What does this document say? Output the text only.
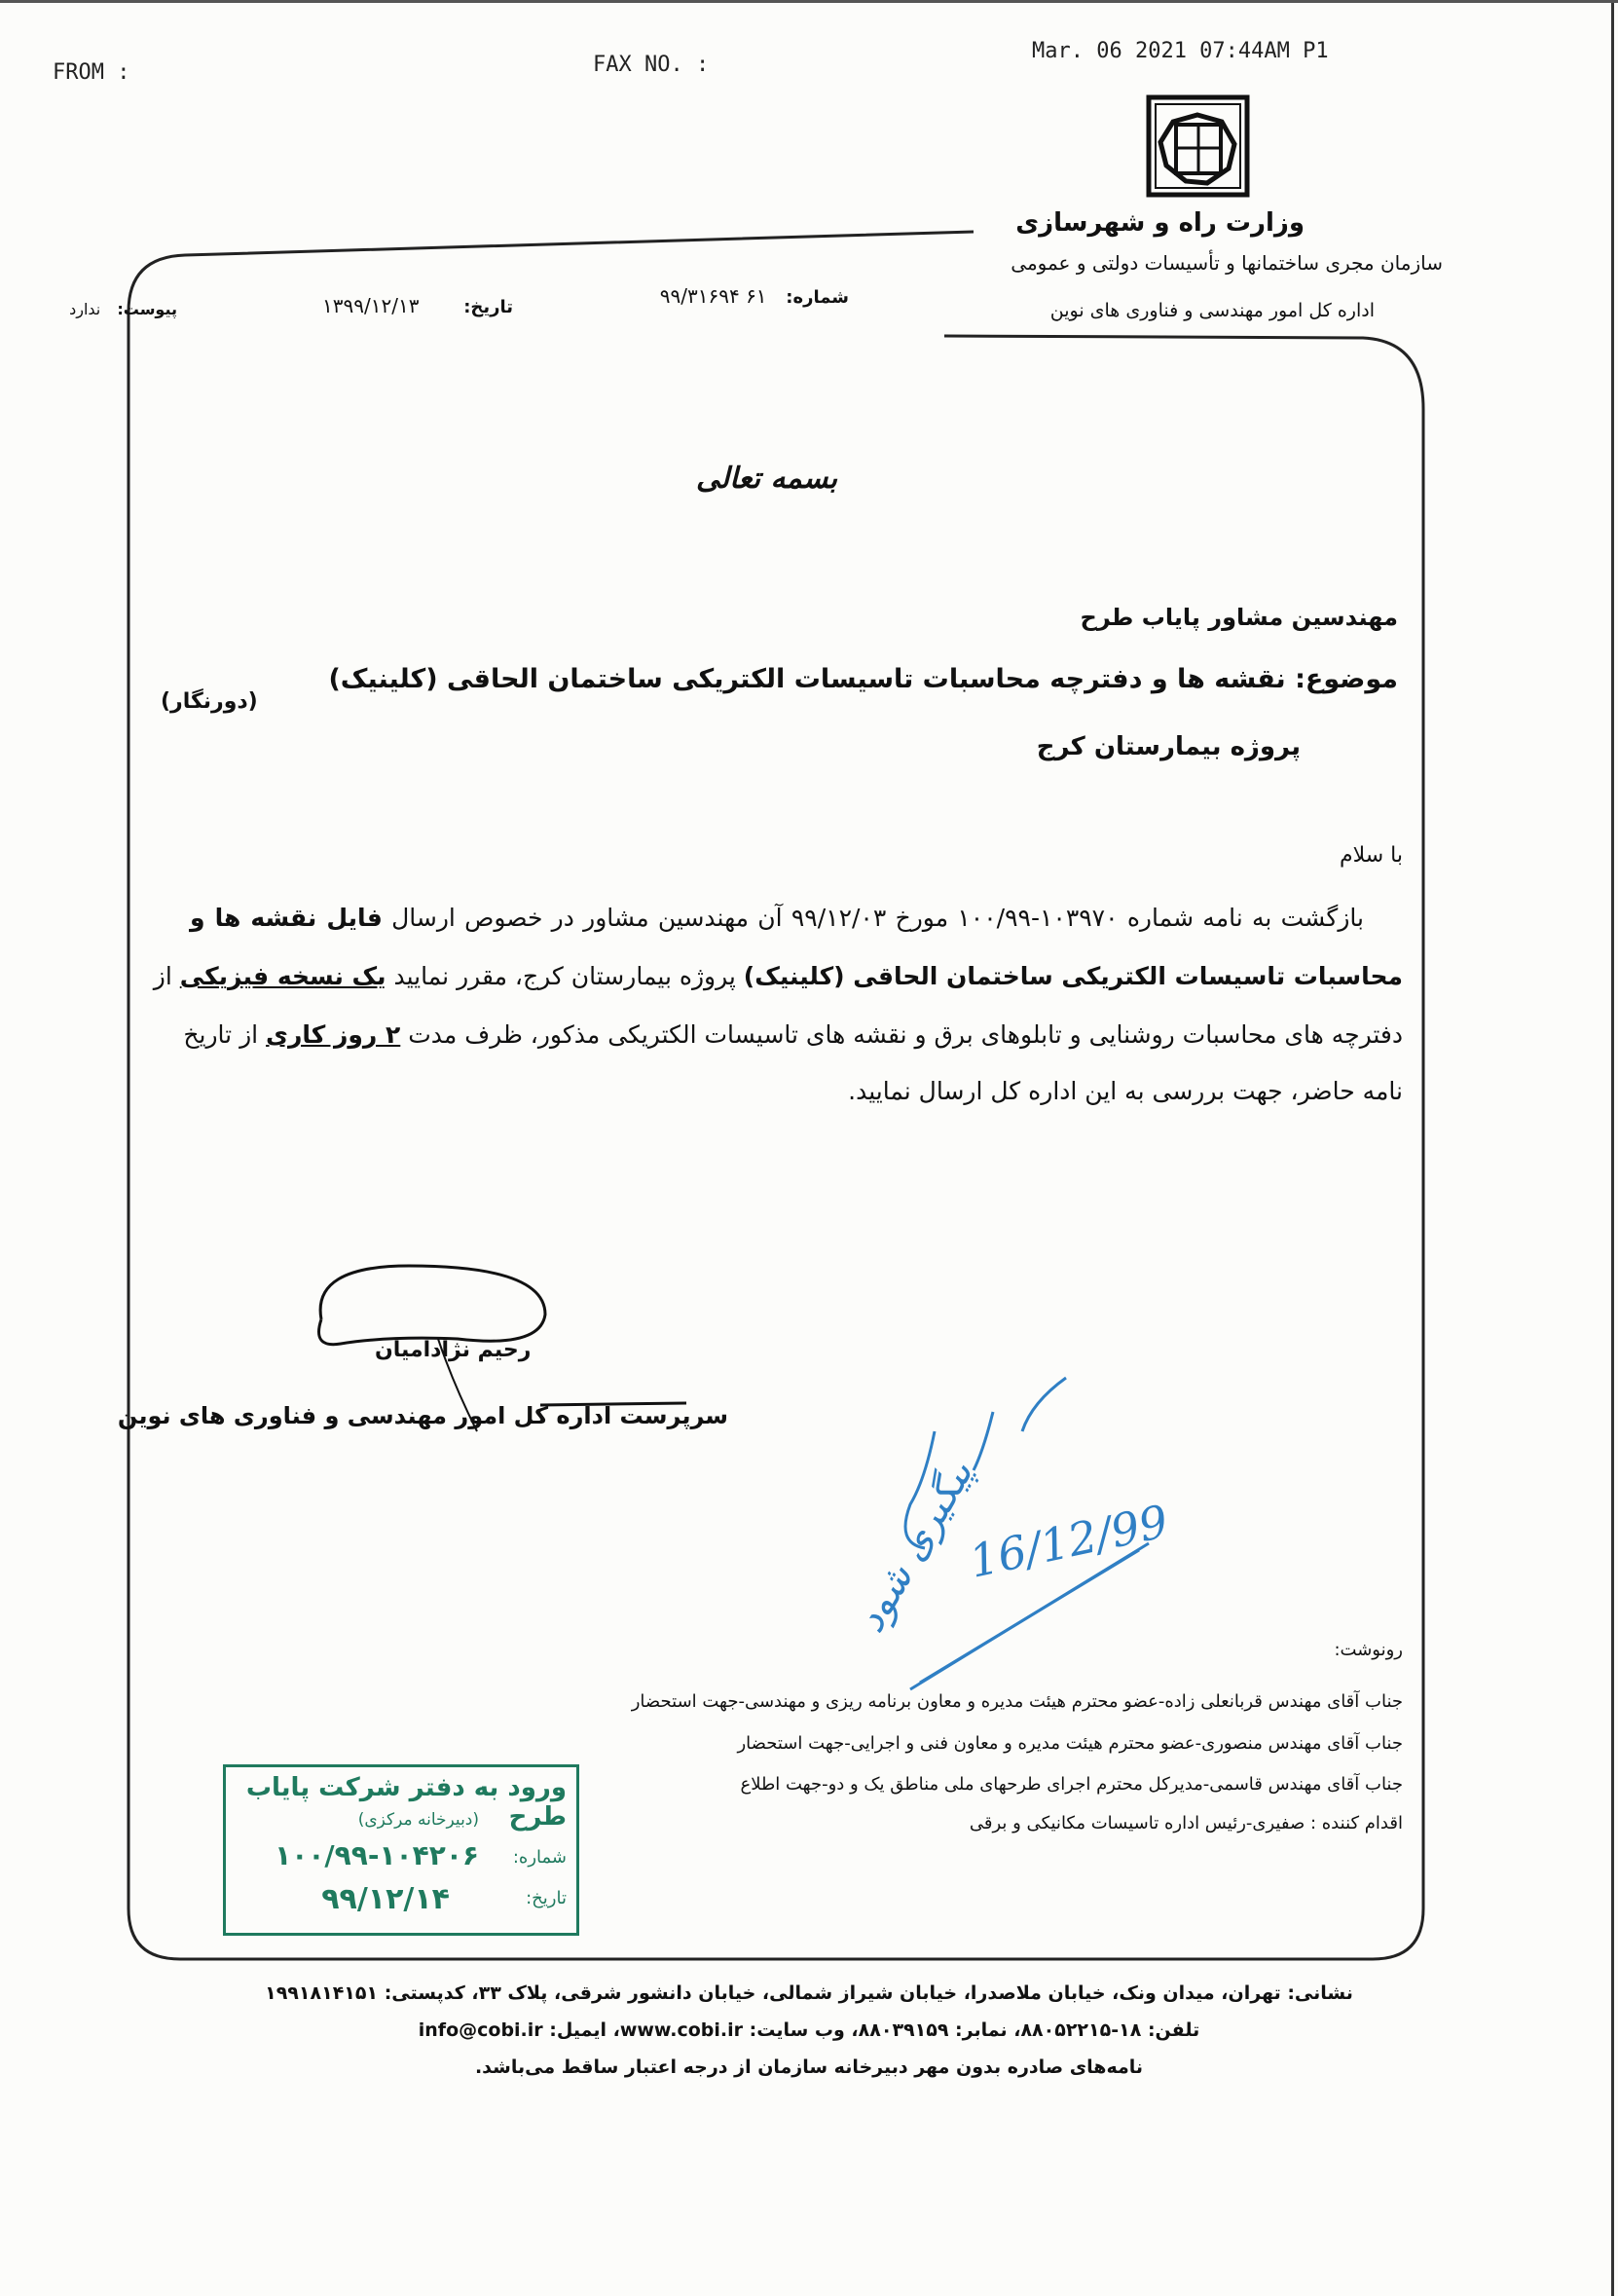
FROM :	FAX NO. :
Mar. 06 2021 07:44AM P1
16/12/99
پیگیری شود
وزارت راه و شهرسازی
سازمان مجری ساختمانها و تأسیسات دولتی و عمومی
اداره کل امور مهندسی و فناوری های نوین
شماره: ۶۱ ۹۹/۳۱۶۹۴
تاریخ: ۱۳۹۹/۱۲/۱۳
پیوست: ندارد
بسمه تعالی
مهندسین مشاور پایاب طرح
موضوع: نقشه ها و دفترچه محاسبات تاسیسات الکتریکی ساختمان الحاقی (کلینیک)
(دورنگار)
پروژه بیمارستان کرج
با سلام
بازگشت به نامه شماره ۱۰۳۹۷۰-۱۰۰/۹۹ مورخ ۹۹/۱۲/۰۳ آن مهندسین مشاور در خصوص ارسال فایل نقشه ها و
محاسبات تاسیسات الکتریکی ساختمان الحاقی (کلینیک) پروژه بیمارستان کرج، مقرر نمایید یک نسخه فیزیکی از
دفترچه های محاسبات روشنایی و تابلوهای برق و نقشه های تاسیسات الکتریکی مذکور، ظرف مدت ۲ روز کاری از تاریخ
نامه حاضر، جهت بررسی به این اداره کل ارسال نمایید.
رحیم نژادامیان
سرپرست اداره کل امور مهندسی و فناوری های نوین
رونوشت:
جناب آقای مهندس قربانعلی زاده-عضو محترم هیئت مدیره و معاون برنامه ریزی و مهندسی-جهت استحضار
جناب آقای مهندس منصوری-عضو محترم هیئت مدیره و معاون فنی و اجرایی-جهت استحضار
جناب آقای مهندس قاسمی-مدیرکل محترم اجرای طرحهای ملی مناطق یک و دو-جهت اطلاع
اقدام کننده : صفیری-رئیس اداره تاسیسات مکانیکی و برقی
ورود به دفتر شرکت پایاب طرح
(دبیرخانه مرکزی)
شماره:
۱۰۰/۹۹-۱۰۴۲۰۶
تاریخ:
۹۹/۱۲/۱۴
نشانی: تهران، میدان ونک، خیابان ملاصدرا، خیابان شیراز شمالی، خیابان دانشور شرقی، پلاک ۳۳، کدپستی: ۱۹۹۱۸۱۴۱۵۱
تلفن: ۱۸-۸۸۰۵۲۲۱۵، نمابر: ۸۸۰۳۹۱۵۹، وب سایت: www.cobi.ir، ایمیل: info@cobi.ir
نامه‌های صادره بدون مهر دبیرخانه سازمان از درجه اعتبار ساقط می‌باشد.
